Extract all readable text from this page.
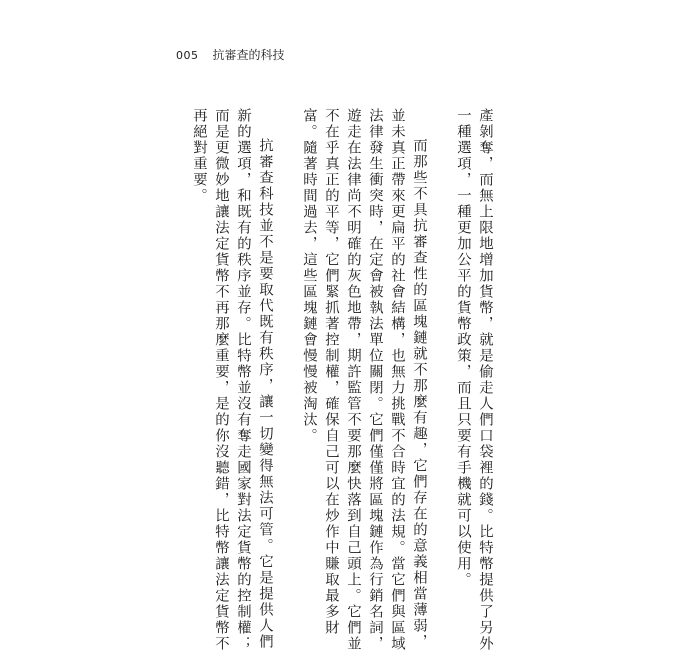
005 抗審查的科技
產剝奪，而無上限地增加貨幣，就是偷走人們口袋裡的錢。比特幣提供了另外
一種選項，一種更加公平的貨幣政策，而且只要有手機就可以使用。
而那些不具抗審查性的區塊鏈就不那麼有趣，它們存在的意義相當薄弱，
並未真正帶來更扁平的社會結構，也無力挑戰不合時宜的法規。當它們與區域
法律發生衝突時，在定會被執法單位關閉。它們僅僅將區塊鏈作為行銷名詞，
遊走在法律尚不明確的灰色地帶，期許監管不要那麼快落到自己頭上。它們並
不在乎真正的平等，它們緊抓著控制權，確保自己可以在炒作中賺取最多財
富。隨著時間過去，這些區塊鏈會慢慢被淘汰。
抗審查科技並不是要取代既有秩序，讓一切變得無法可管。它是提供人們
新的選項，和既有的秩序並存。比特幣並沒有奪走國家對法定貨幣的控制權；
而是更微妙地讓法定貨幣不再那麼重要，是的你沒聽錯，比特幣讓法定貨幣不
再絕對重要。
